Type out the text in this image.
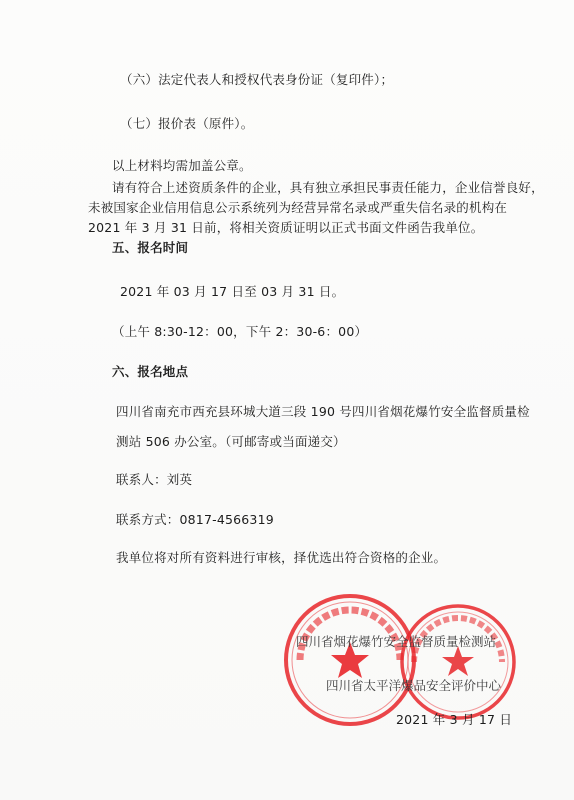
（六）法定代表人和授权代表身份证（复印件）；
（七）报价表（原件）。
以上材料均需加盖公章。
请有符合上述资质条件的企业，具有独立承担民事责任能力，企业信誉良好，
未被国家企业信用信息公示系统列为经营异常名录或严重失信名录的机构在
2021 年 3 月 31 日前，将相关资质证明以正式书面文件函告我单位。
五、报名时间
2021 年 03 月 17 日至 03 月 31 日。
（上午 8:30-12：00，下午 2：30-6：00）
六、报名地点
四川省南充市西充县环城大道三段 190 号四川省烟花爆竹安全监督质量检
测站 506 办公室。（可邮寄或当面递交）
联系人：刘英
联系方式：0817-4566319
我单位将对所有资料进行审核，择优选出符合资格的企业。
四川省烟花爆竹安全监督质量检测站
四川省太平洋爆品安全评价中心
2021 年 3 月 17 日
